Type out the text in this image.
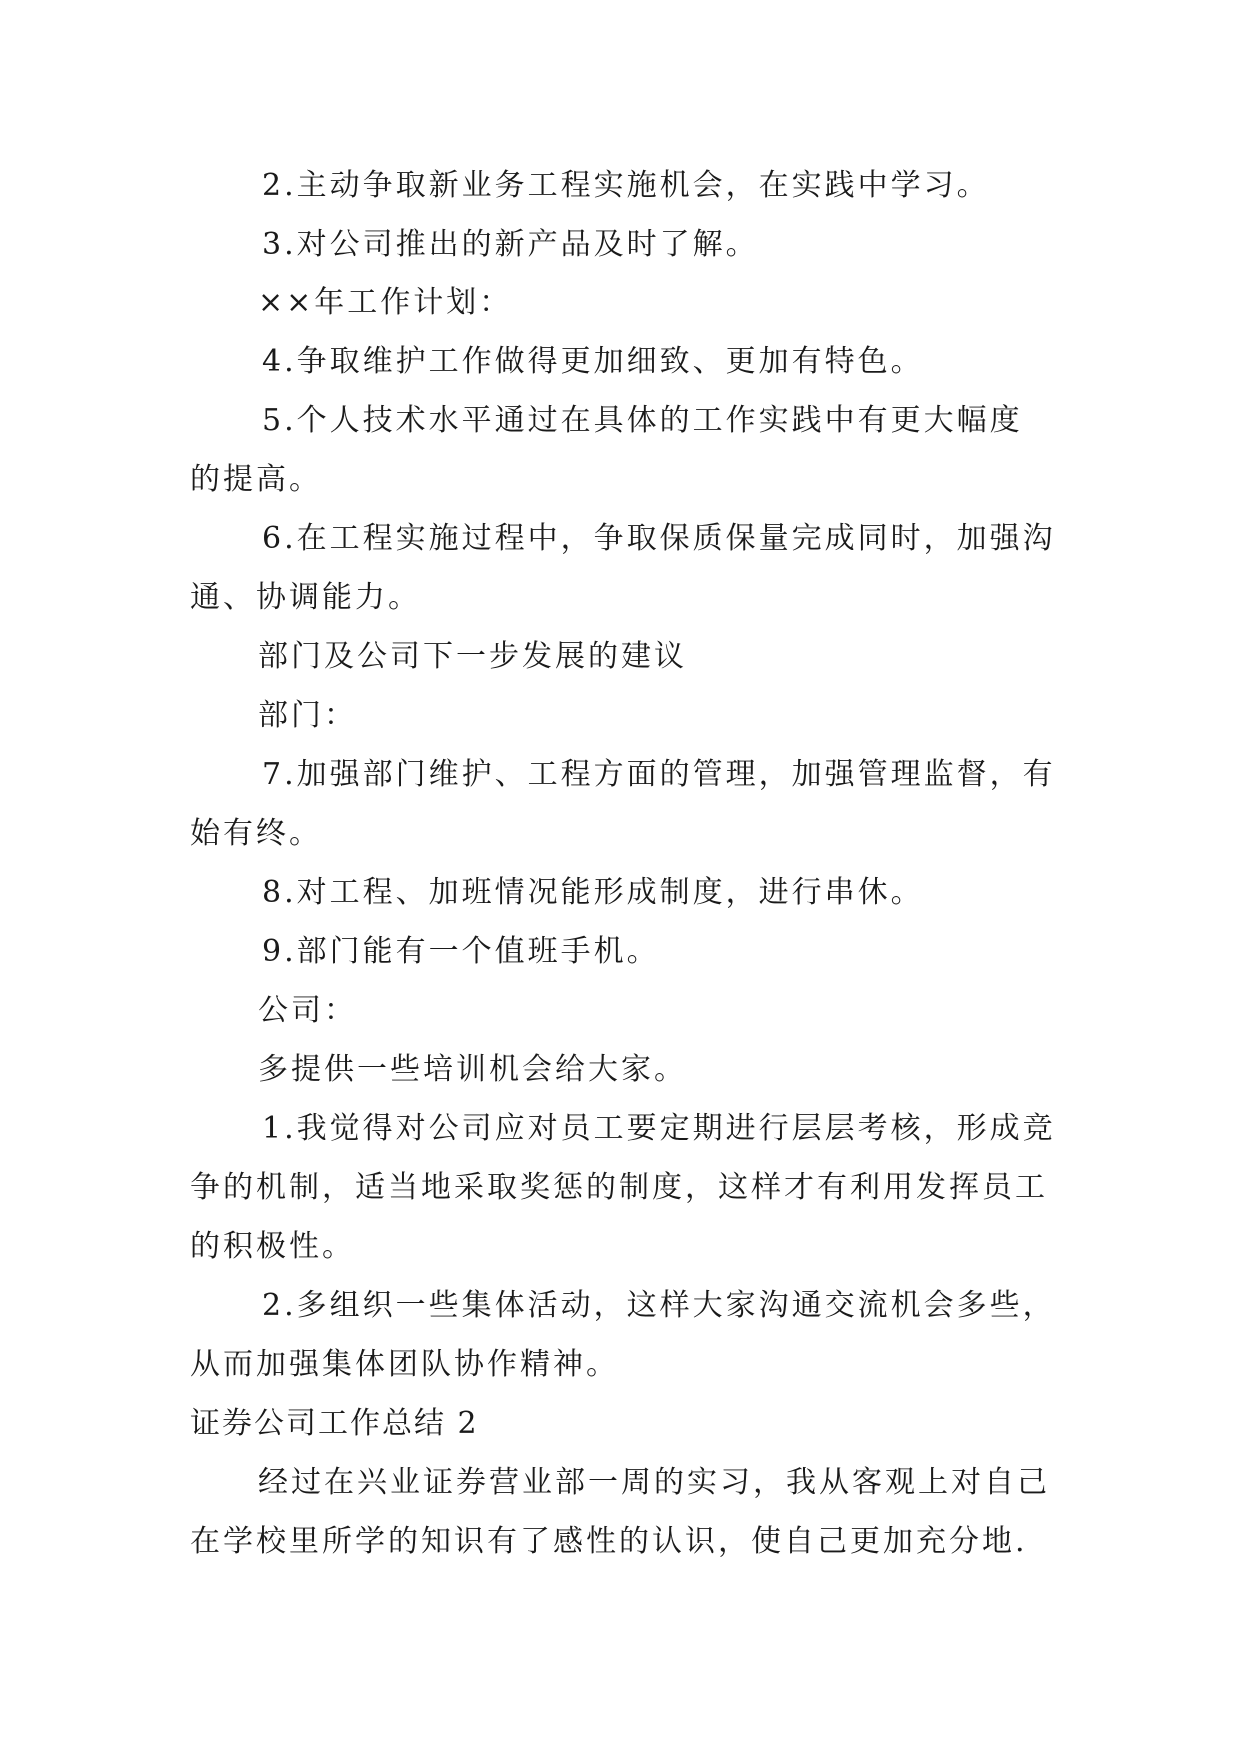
2.主动争取新业务工程实施机会，在实践中学习。
3.对公司推出的新产品及时了解。
××年工作计划：
4.争取维护工作做得更加细致、更加有特色。
5.个人技术水平通过在具体的工作实践中有更大幅度
的提高。
6.在工程实施过程中，争取保质保量完成同时，加强沟
通、协调能力。
部门及公司下一步发展的建议
部门：
7.加强部门维护、工程方面的管理，加强管理监督，有
始有终。
8.对工程、加班情况能形成制度，进行串休。
9.部门能有一个值班手机。
公司：
多提供一些培训机会给大家。
1.我觉得对公司应对员工要定期进行层层考核，形成竞
争的机制，适当地采取奖惩的制度，这样才有利用发挥员工
的积极性。
2.多组织一些集体活动，这样大家沟通交流机会多些，
从而加强集体团队协作精神。
证券公司工作总结 2
经过在兴业证券营业部一周的实习，我从客观上对自己
在学校里所学的知识有了感性的认识，使自己更加充分地.
